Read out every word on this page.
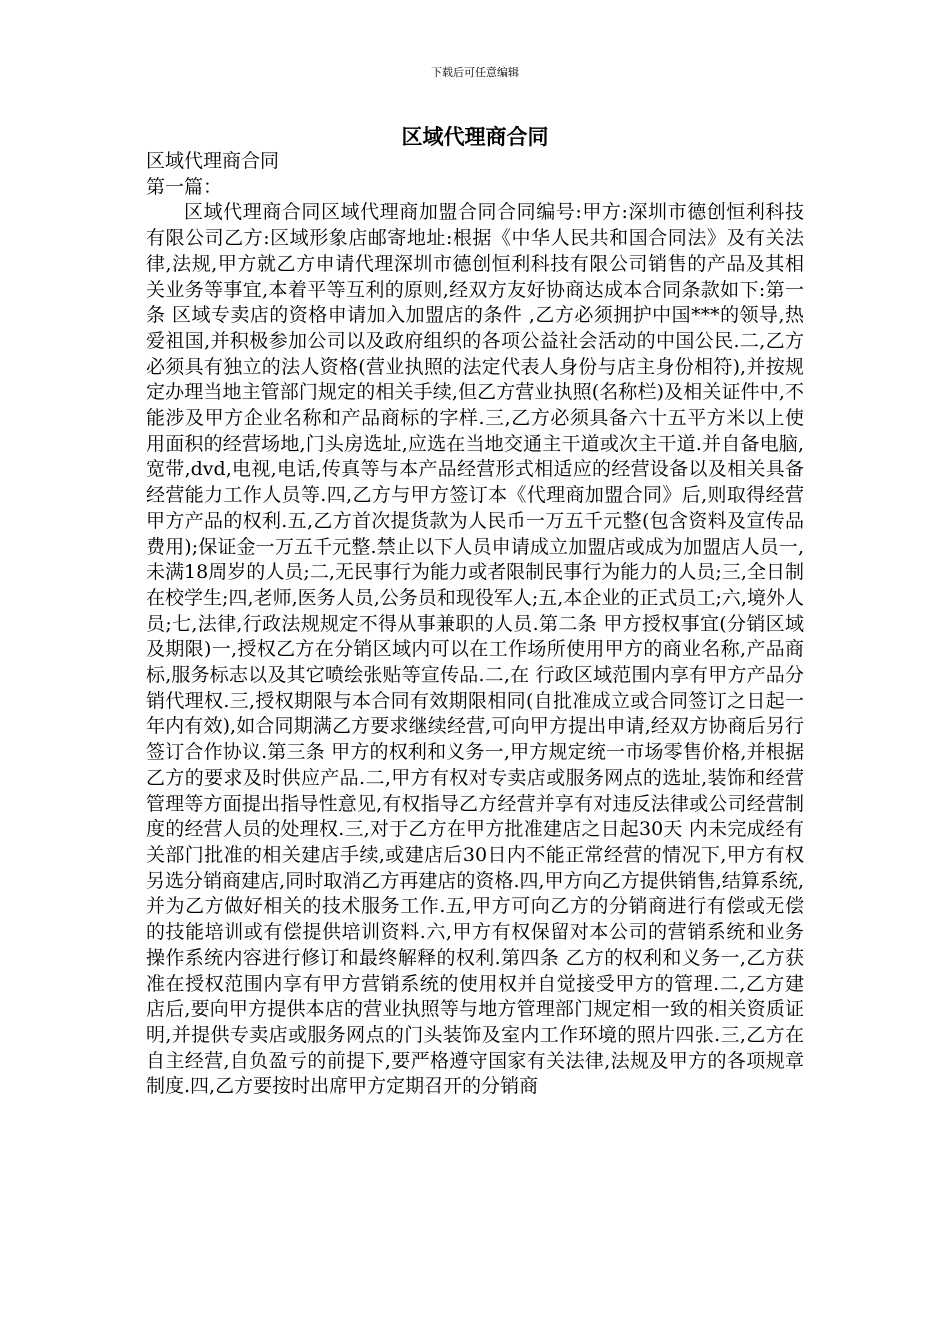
下载后可任意编辑
区域代理商合同

区域代理商合同

第一篇：

区域代理商合同区域代理商加盟合同合同编号:甲方:深圳市德创恒利科技有限公司乙方:区域形象店邮寄地址:根据《中华人民共和国合同法》及有关法律,法规,甲方就乙方申请代理深圳市德创恒利科技有限公司销售的产品及其相关业务等事宜,本着平等互利的原则,经双方友好协商达成本合同条款如下:第一条 区域专卖店的资格申请加入加盟店的条件 ,乙方必须拥护中国***的领导,热爱祖国,并积极参加公司以及政府组织的各项公益社会活动的中国公民.二,乙方必须具有独立的法人资格(营业执照的法定代表人身份与店主身份相符),并按规定办理当地主管部门规定的相关手续,但乙方营业执照(名称栏)及相关证件中,不能涉及甲方企业名称和产品商标的字样.三,乙方必须具备六十五平方米以上使用面积的经营场地,门头房选址,应选在当地交通主干道或次主干道.并自备电脑,宽带,dvd,电视,电话,传真等与本产品经营形式相适应的经营设备以及相关具备经营能力工作人员等.四,乙方与甲方签订本《代理商加盟合同》后,则取得经营甲方产品的权利.五,乙方首次提货款为人民币一万五千元整(包含资料及宣传品费用);保证金一万五千元整.禁止以下人员申请成立加盟店或成为加盟店人员一,未满18周岁的人员;二,无民事行为能力或者限制民事行为能力的人员;三,全日制在校学生;四,老师,医务人员,公务员和现役军人;五,本企业的正式员工;六,境外人员;七,法律,行政法规规定不得从事兼职的人员.第二条 甲方授权事宜(分销区域及期限)一,授权乙方在分销区域内可以在工作场所使用甲方的商业名称,产品商标,服务标志以及其它喷绘张贴等宣传品.二,在 行政区域范围内享有甲方产品分销代理权.三,授权期限与本合同有效期限相同(自批准成立或合同签订之日起一年内有效),如合同期满乙方要求继续经营,可向甲方提出申请,经双方协商后另行签订合作协议.第三条 甲方的权利和义务一,甲方规定统一市场零售价格,并根据乙方的要求及时供应产品.二,甲方有权对专卖店或服务网点的选址,装饰和经营管理等方面提出指导性意见,有权指导乙方经营并享有对违反法律或公司经营制度的经营人员的处理权.三,对于乙方在甲方批准建店之日起30天 内未完成经有关部门批准的相关建店手续,或建店后30日内不能正常经营的情况下,甲方有权另选分销商建店,同时取消乙方再建店的资格.四,甲方向乙方提供销售,结算系统,并为乙方做好相关的技术服务工作.五,甲方可向乙方的分销商进行有偿或无偿的技能培训或有偿提供培训资料.六,甲方有权保留对本公司的营销系统和业务操作系统内容进行修订和最终解释的权利.第四条 乙方的权利和义务一,乙方获准在授权范围内享有甲方营销系统的使用权并自觉接受甲方的管理.二,乙方建店后,要向甲方提供本店的营业执照等与地方管理部门规定相一致的相关资质证明,并提供专卖店或服务网点的门头装饰及室内工作环境的照片四张.三,乙方在自主经营,自负盈亏的前提下,要严格遵守国家有关法律,法规及甲方的各项规章制度.四,乙方要按时出席甲方定期召开的分销商
